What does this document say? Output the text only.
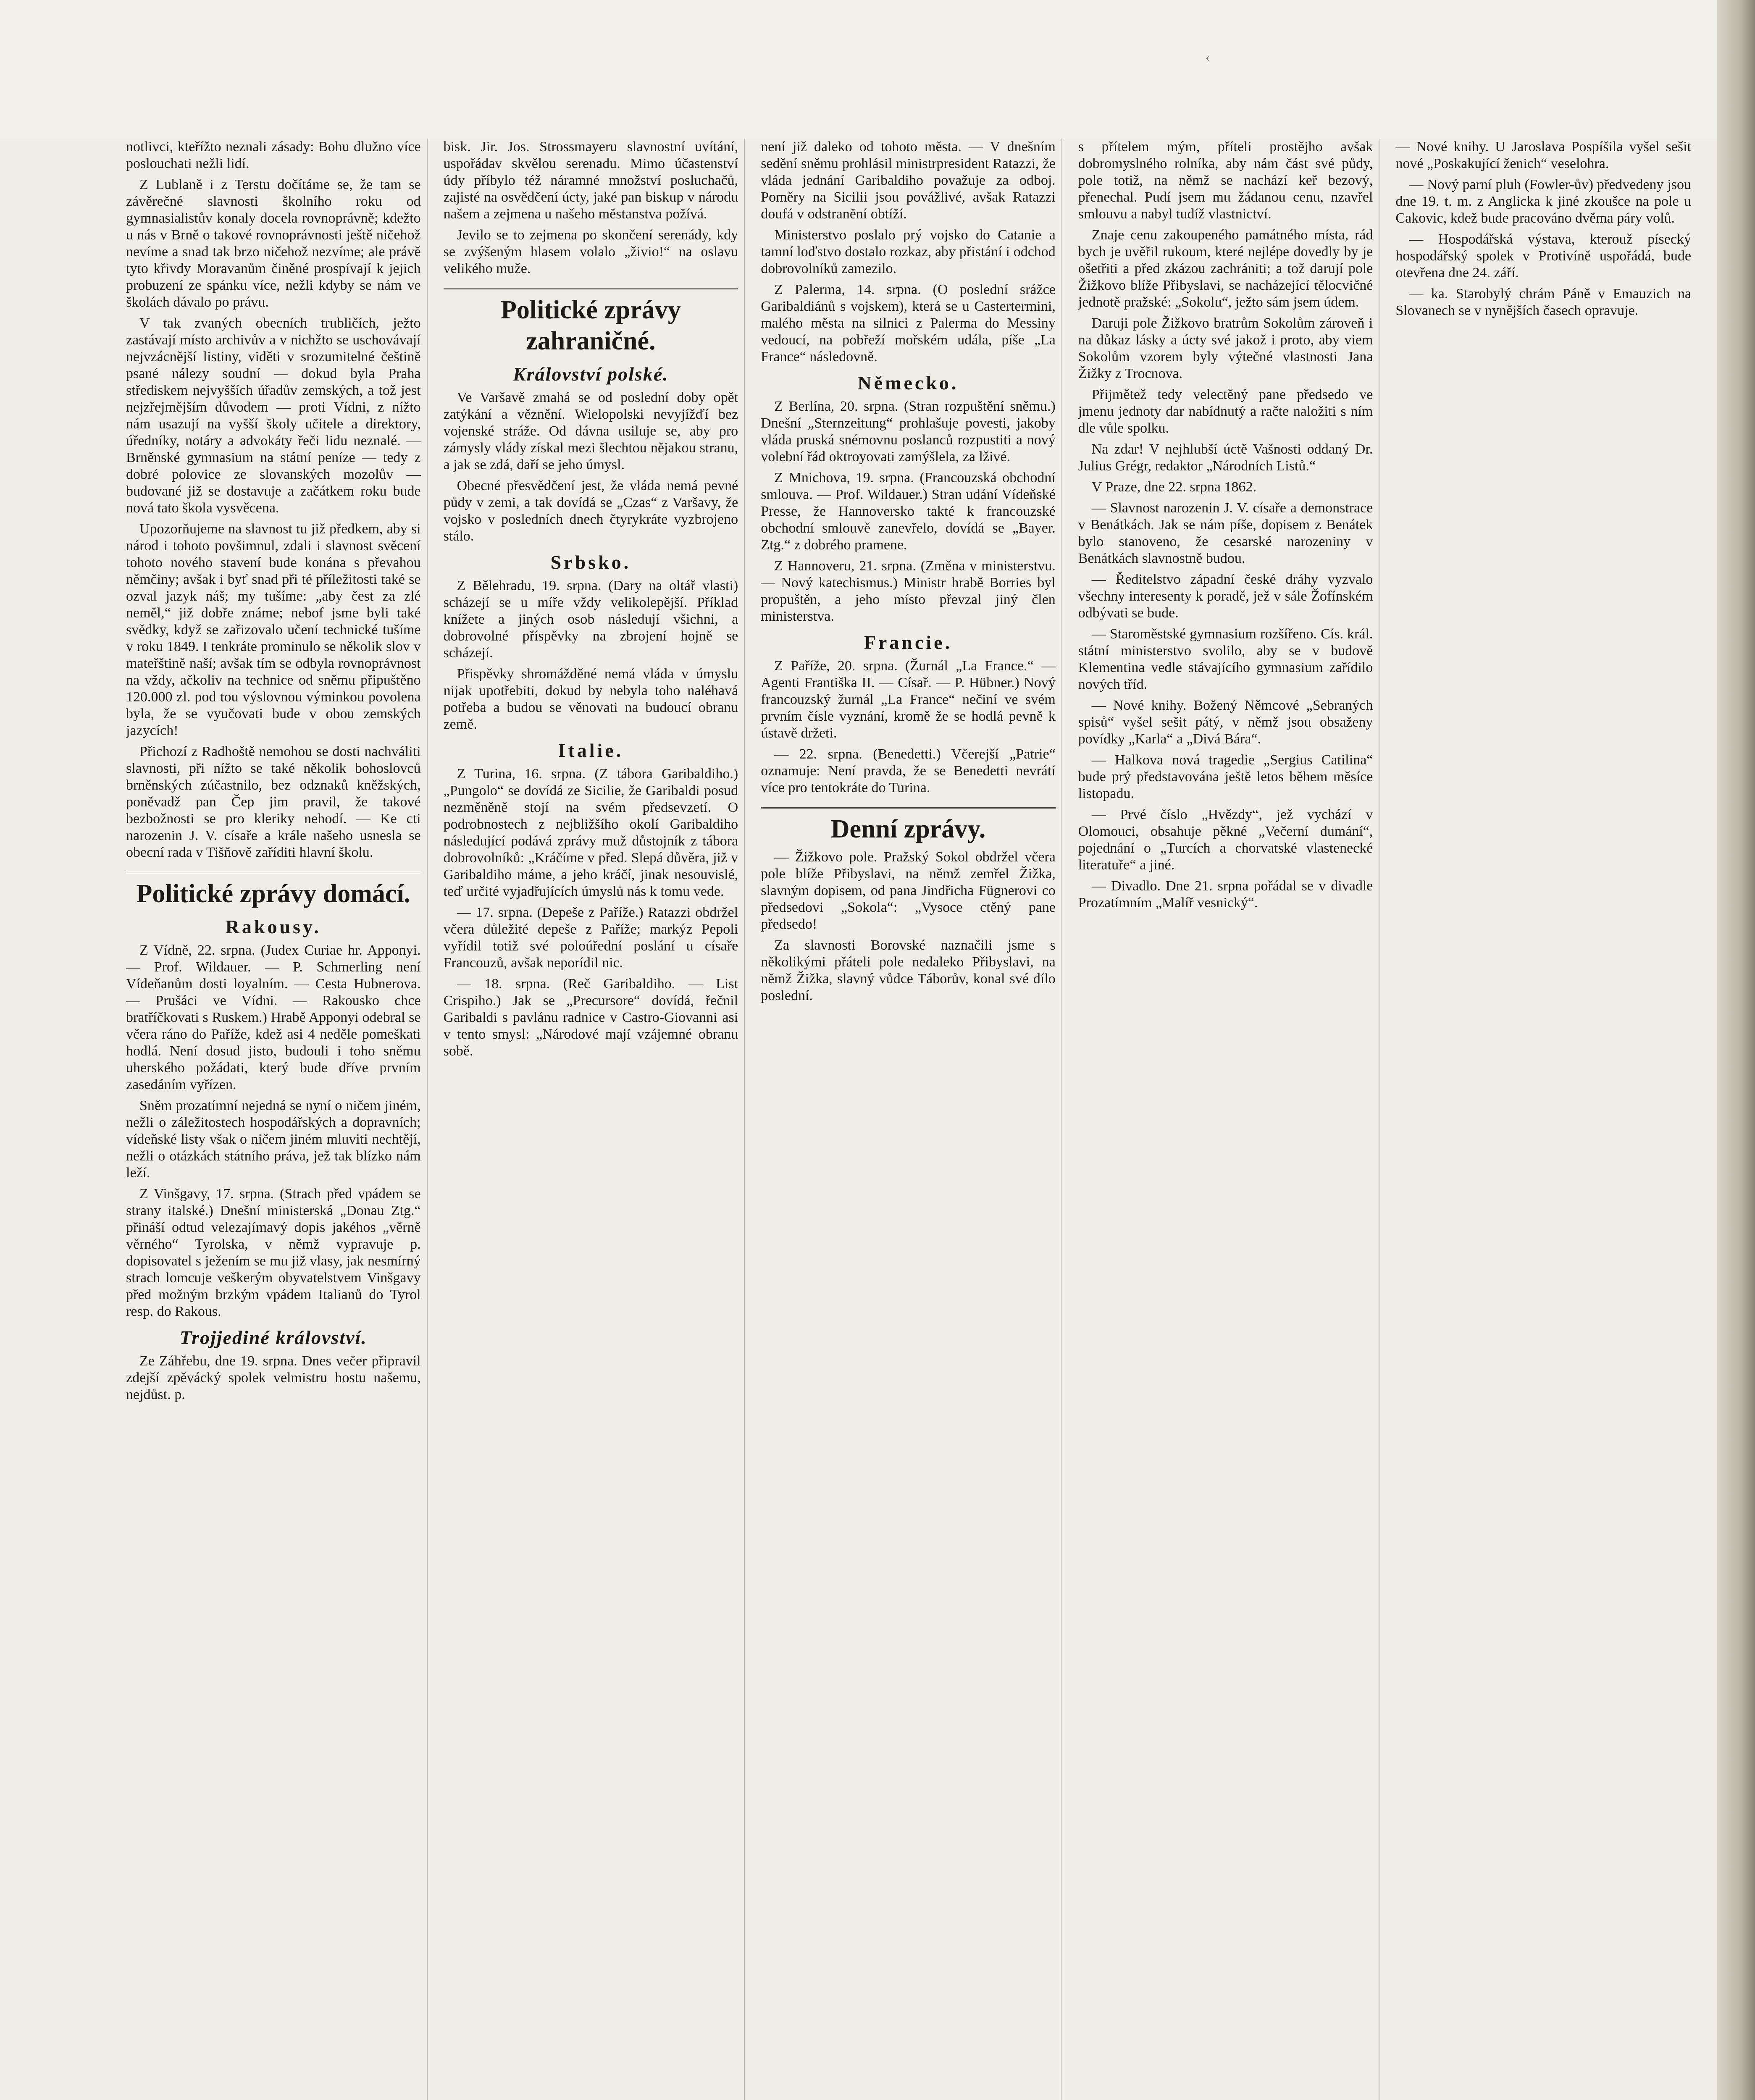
‹

notlivci, kteřížto neznali zásady: Bohu dlužno více poslouchati nežli lidí.

Z Lublaně i z Terstu dočítáme se, že tam se závěrečné slavnosti školního roku od gymnasialistův konaly docela rovnoprávně; kdežto u nás v Brně o takové rovnoprávnosti ještě ničehož nevíme a snad tak brzo ničehož nezvíme; ale právě tyto křivdy Moravanům činěné prospívají k jejich probuzení ze spánku více, nežli kdyby se nám ve školách dávalo po právu.

V tak zvaných obecních trubličích, ježto zastávají místo archivův a v nichžto se uschovávají nejvzácnější listiny, viděti v srozumitelné češtině psané nálezy soudní — dokud byla Praha střediskem nejvyšších úřadův zemských, a tož jest nejzřejmějším důvodem — proti Vídni, z nížto nám usazují na vyšší školy učitele a direktory, úředníky, notáry a advokáty řeči lidu neznalé. — Brněnské gymnasium na státní peníze — tedy z dobré polovice ze slovanských mozolův — budované již se dostavuje a začátkem roku bude nová tato škola vysvěcena.

Upozorňujeme na slavnost tu již předkem, aby si národ i tohoto povšimnul, zdali i slavnost svěcení tohoto nového stavení bude konána s převahou němčiny; avšak i byť snad při té příležitosti také se ozval jazyk náš; my tušíme: „aby čest za zlé neměl,“ již dobře známe; nebof jsme byli také svědky, když se zařizovalo učení technické tušíme v roku 1849. I tenkráte prominulo se několik slov v mateřštině naší; avšak tím se odbyla rovnoprávnost na vždy, ačkoliv na technice od sněmu připuštěno 120.000 zl. pod tou výslovnou výminkou povolena byla, že se vyučovati bude v obou zemských jazycích!

Přichozí z Radhoště nemohou se dosti nachváliti slavnosti, při nížto se také několik bohoslovců brněnských zúčastnilo, bez odznaků kněžských, poněvadž pan Čep jim pravil, že takové bezbožnosti se pro kleriky nehodí. — Ke cti narozenin J. V. císaře a krále našeho usnesla se obecní rada v Tišňově zaříditi hlavní školu.

Politické zprávy domácí.
Rakousy.

Z Vídně, 22. srpna. (Judex Curiae hr. Apponyi. — Prof. Wildauer. — P. Schmerling není Vídeňanům dosti loyalním. — Cesta Hubnerova. — Prušáci ve Vídni. — Rakousko chce bratříčkovati s Ruskem.) Hrabě Apponyi odebral se včera ráno do Paříže, kdež asi 4 neděle pomeškati hodlá. Není dosud jisto, budouli i toho sněmu uherského požádati, který bude dříve prvním zasedáním vyřízen.

Sněm prozatímní nejedná se nyní o ničem jiném, nežli o záležitostech hospodářských a dopravních; vídeňské listy však o ničem jiném mluviti nechtějí, nežli o otázkách státního práva, jež tak blízko nám leží.

Z Vinšgavy, 17. srpna. (Strach před vpádem se strany italské.) Dnešní ministerská „Donau Ztg.“ přináší odtud velezajímavý dopis jakéhos „věrně věrného“ Tyrolska, v němž vypravuje p. dopisovatel s ježením se mu již vlasy, jak nesmírný strach lomcuje veškerým obyvatelstvem Vinšgavy před možným brzkým vpádem Italianů do Tyrol resp. do Rakous.

Trojjediné království.

Ze Záhřebu, dne 19. srpna. Dnes večer připravil zdejší zpěvácký spolek velmistru hostu našemu, nejdůst. p.

bisk. Jir. Jos. Strossmayeru slavnostní uvítání, uspořádav skvělou serenadu. Mimo účastenství údy příbylo též náramné množství posluchačů, zajisté na osvědčení úcty, jaké pan biskup v národu našem a zejmena u našeho městanstva požívá.

Jevilo se to zejmena po skončení serenády, kdy se zvýšeným hlasem volalo „živio!“ na oslavu velikého muže.

Politické zprávy zahraničné.
Království polské.

Ve Varšavě zmahá se od poslední doby opět zatýkání a věznění. Wielopolski nevyjížďí bez vojenské stráže. Od dávna usiluje se, aby pro zámysly vlády získal mezi šlechtou nějakou stranu, a jak se zdá, daří se jeho úmysl.

Obecné přesvědčení jest, že vláda nemá pevné půdy v zemi, a tak dovídá se „Czas“ z Varšavy, že vojsko v posledních dnech čtyrykráte vyzbrojeno stálo.

Srbsko.

Z Bělehradu, 19. srpna. (Dary na oltář vlasti) scházejí se u míře vždy velikolepější. Příklad knížete a jiných osob následují všichni, a dobrovolné příspěvky na zbrojení hojně se scházejí.

Přispěvky shromážděné nemá vláda v úmyslu nijak upotřebiti, dokud by nebyla toho naléhavá potřeba a budou se věnovati na budoucí obranu země.

Italie.

Z Turina, 16. srpna. (Z tábora Garibaldiho.) „Pungolo“ se dovídá ze Sicilie, že Garibaldi posud nezměněně stojí na svém předsevzetí. O podrobnostech z nejbližšího okolí Garibaldiho následující podává zprávy muž důstojník z tábora dobrovolníků: „Kráčíme v před. Slepá důvěra, již v Garibaldiho máme, a jeho kráčí, jinak nesouvislé, teď určité vyjadřujících úmyslů nás k tomu vede.

— 17. srpna. (Depeše z Paříže.) Ratazzi obdržel včera důležité depeše z Paříže; markýz Pepoli vyřídil totiž své poloúřední poslání u císaře Francouzů, avšak neporídil nic.

— 18. srpna. (Reč Garibaldiho. — List Crispiho.) Jak se „Precursore“ dovídá, řečnil Garibaldi s pavlánu radnice v Castro-Giovanni asi v tento smysl: „Národové mají vzájemné obranu sobě.

není již daleko od tohoto města. — V dnešním sedění sněmu prohlásil ministrpresident Ratazzi, že vláda jednání Garibaldiho považuje za odboj. Poměry na Sicilii jsou povážlivé, avšak Ratazzi doufá v odstranění obtíží.

Ministerstvo poslalo prý vojsko do Catanie a tamní loďstvo dostalo rozkaz, aby přistání i odchod dobrovolníků zamezilo.

Z Palerma, 14. srpna. (O poslední srážce Garibaldiánů s vojskem), která se u Castertermini, malého města na silnici z Palerma do Messiny vedoucí, na pobřeží mořském udála, píše „La France“ následovně.

Německo.

Z Berlína, 20. srpna. (Stran rozpuštění sněmu.) Dnešní „Sternzeitung“ prohlašuje povesti, jakoby vláda pruská snémovnu poslanců rozpustiti a nový volební řád oktroyovati zamýšlela, za lživé.

Z Mnichova, 19. srpna. (Francouzská obchodní smlouva. — Prof. Wildauer.) Stran udání Vídeňské Presse, že Hannoversko takté k francouzské obchodní smlouvě zanevřelo, dovídá se „Bayer. Ztg.“ z dobrého pramene.

Z Hannoveru, 21. srpna. (Změna v ministerstvu. — Nový katechismus.) Ministr hrabě Borries byl propuštěn, a jeho místo převzal jiný člen ministerstva.

Francie.

Z Paříže, 20. srpna. (Žurnál „La France.“ — Agenti Františka II. — Císař. — P. Hübner.) Nový francouzský žurnál „La France“ nečiní ve svém prvním čísle vyznání, kromě že se hodlá pevně k ústavě držeti.

— 22. srpna. (Benedetti.) Včerejší „Patrie“ oznamuje: Není pravda, že se Benedetti nevrátí více pro tentokráte do Turina.

Denní zprávy.

— Žižkovo pole. Pražský Sokol obdržel včera pole blíže Přibyslavi, na němž zemřel Žižka, slavným dopisem, od pana Jindřicha Fügnerovi co předsedovi „Sokola“: „Vysoce ctěný pane předsedo!

Za slavnosti Borovské naznačili jsme s několikými přáteli pole nedaleko Přibyslavi, na němž Žižka, slavný vůdce Táborův, konal své dílo poslední.

s přítelem mým, příteli prostějho avšak dobromyslného rolníka, aby nám část své půdy, pole totiž, na němž se nachází keř bezový, přenechal. Pudí jsem mu žádanou cenu, nzavřel smlouvu a nabyl tudíž vlastnictví.

Znaje cenu zakoupeného památného místa, rád bych je uvěřil rukoum, které nejlépe dovedly by je ošetřiti a před zkázou zachrániti; a tož darují pole Žižkovo blíže Přibyslavi, se nacházející tělocvičné jednotě pražské: „Sokolu“, ježto sám jsem údem.

Daruji pole Žižkovo bratrům Sokolům zároveň i na důkaz lásky a úcty své jakož i proto, aby viem Sokolům vzorem byly výtečné vlastnosti Jana Žižky z Trocnova.

Přijmětež tedy velectěný pane předsedo ve jmenu jednoty dar nabídnutý a račte naložiti s ním dle vůle spolku.

Na zdar! V nejhlubší úctě Vašnosti oddaný Dr. Julius Grégr, redaktor „Národních Listů.“

V Praze, dne 22. srpna 1862.

— Slavnost narozenin J. V. císaře a demonstrace v Benátkách. Jak se nám píše, dopisem z Benátek bylo stanoveno, že cesarské narozeniny v Benátkách slavnostně budou.

— Ředitelstvo západní české dráhy vyzvalo všechny interesenty k poradě, jež v sále Žofínském odbývati se bude.

— Staroměstské gymnasium rozšířeno. Cís. král. státní ministerstvo svolilo, aby se v budově Klementina vedle stávajícího gymnasium zařídilo nových tříd.

— Nové knihy. Božený Němcové „Sebraných spisů“ vyšel sešit pátý, v němž jsou obsaženy povídky „Karla“ a „Divá Bára“.

— Halkova nová tragedie „Sergius Catilina“ bude prý představována ještě letos během měsíce listopadu.

— Prvé číslo „Hvězdy“, jež vychází v Olomouci, obsahuje pěkné „Večerní dumání“, pojednání o „Turcích a chorvatské vlastenecké literatuře“ a jiné.

— Divadlo. Dne 21. srpna pořádal se v divadle Prozatímním „Malíř vesnický“.

— Nové knihy. U Jaroslava Pospíšila vyšel sešit nové „Poskakující ženich“ veselohra.

— Nový parní pluh (Fowler-ův) předvedeny jsou dne 19. t. m. z Anglicka k jiné zkoušce na pole u Cakovic, kdež bude pracováno dvěma páry volů.

— Hospodářská výstava, kterouž písecký hospodářský spolek v Protivíně uspořádá, bude otevřena dne 24. září.

— ka. Starobylý chrám Páně v Emauzich na Slovanech se v nynějších časech opravuje.
